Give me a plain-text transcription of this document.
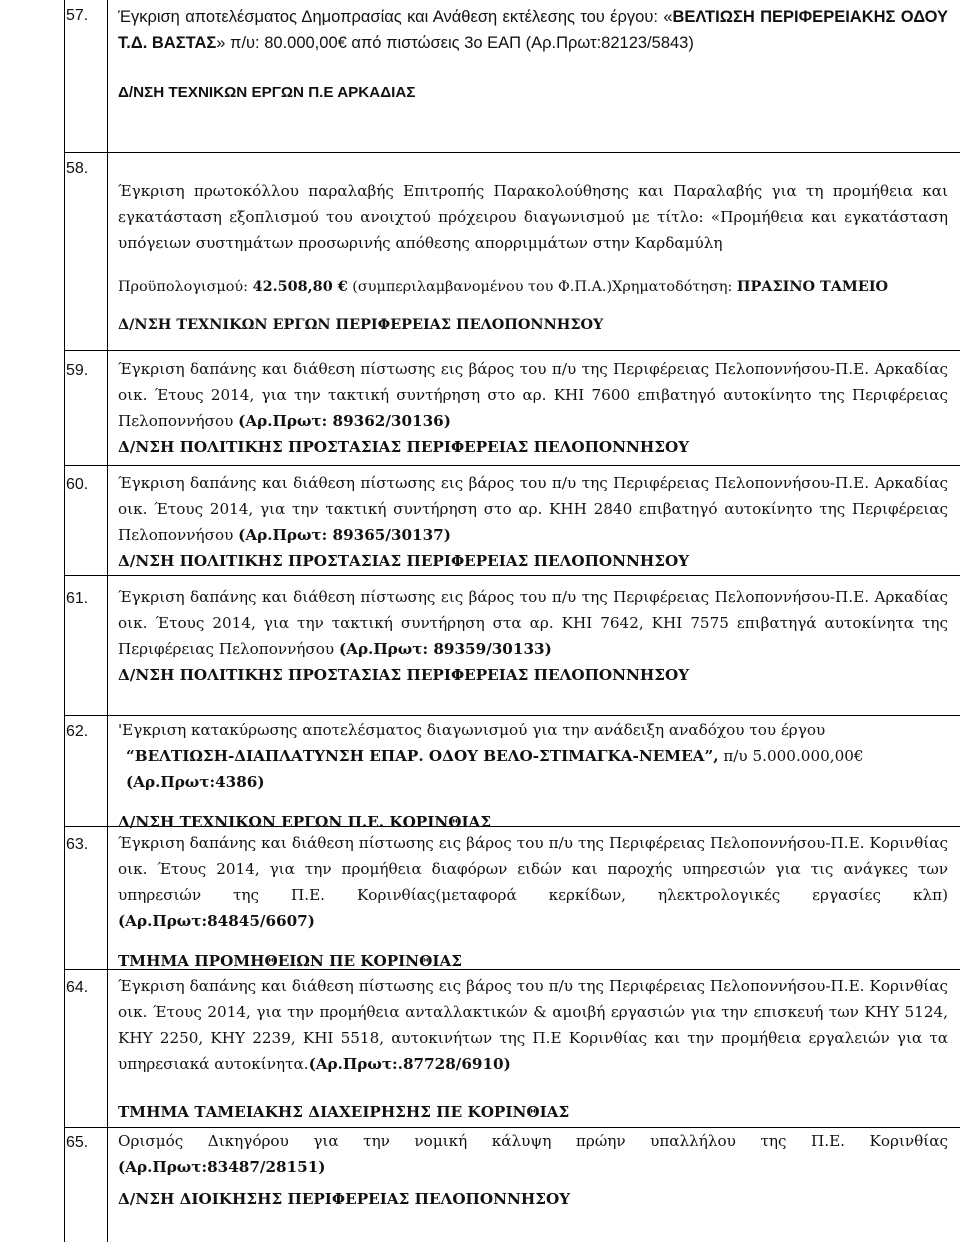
57. Έγκριση αποτελέσματος Δημοπρασίας και Ανάθεση εκτέλεσης του έργου: «ΒΕΛΤΙΩΣΗ ΠΕΡΙΦΕΡΕΙΑΚΗΣ ΟΔΟΥ Τ.Δ. ΒΑΣΤΑΣ» π/υ: 80.000,00€ από πιστώσεις 3ο ΕΑΠ (Αρ.Πρωτ:82123/5843)

Δ/ΝΣΗ ΤΕΧΝΙΚΩΝ ΕΡΓΩΝ Π.Ε ΑΡΚΑΔΙΑΣ

58.

Έγκριση πρωτοκόλλου παραλαβής Επιτροπής Παρακολούθησης και Παραλαβής για τη προμήθεια και εγκατάσταση εξοπλισμού του ανοιχτού πρόχειρου διαγωνισμού με τίτλο: «Προμήθεια και εγκατάσταση υπόγειων συστημάτων προσωρινής απόθεσης απορριμμάτων στην Καρδαμύλη

Προϋπολογισμού: 42.508,80 € (συμπεριλαμβανομένου του Φ.Π.Α.)Χρηματοδότηση: ΠΡΑΣΙΝΟ ΤΑΜΕΙΟ

Δ/ΝΣΗ ΤΕΧΝΙΚΩΝ ΕΡΓΩΝ ΠΕΡΙΦΕΡΕΙΑΣ ΠΕΛΟΠΟΝΝΗΣΟΥ

59. Έγκριση δαπάνης και διάθεση πίστωσης εις βάρος του π/υ της Περιφέρειας Πελοποννήσου-Π.Ε. Αρκαδίας οικ. Έτους 2014, για την τακτική συντήρηση στο αρ. ΚΗΙ 7600 επιβατηγό αυτοκίνητο της Περιφέρειας Πελοποννήσου (Αρ.Πρωτ: 89362/30136)

Δ/ΝΣΗ ΠΟΛΙΤΙΚΗΣ ΠΡΟΣΤΑΣΙΑΣ ΠΕΡΙΦΕΡΕΙΑΣ ΠΕΛΟΠΟΝΝΗΣΟΥ

60. Έγκριση δαπάνης και διάθεση πίστωσης εις βάρος του π/υ της Περιφέρειας Πελοποννήσου-Π.Ε. Αρκαδίας οικ. Έτους 2014, για την τακτική συντήρηση στο αρ. ΚΗΗ 2840 επιβατηγό αυτοκίνητο της Περιφέρειας Πελοποννήσου (Αρ.Πρωτ: 89365/30137)

Δ/ΝΣΗ ΠΟΛΙΤΙΚΗΣ ΠΡΟΣΤΑΣΙΑΣ ΠΕΡΙΦΕΡΕΙΑΣ ΠΕΛΟΠΟΝΝΗΣΟΥ

61. Έγκριση δαπάνης και διάθεση πίστωσης εις βάρος του π/υ της Περιφέρειας Πελοποννήσου-Π.Ε. Αρκαδίας οικ. Έτους 2014, για την τακτική συντήρηση στα αρ. ΚΗΙ 7642, ΚΗΙ 7575 επιβατηγά αυτοκίνητα της Περιφέρειας Πελοποννήσου (Αρ.Πρωτ: 89359/30133)

Δ/ΝΣΗ ΠΟΛΙΤΙΚΗΣ ΠΡΟΣΤΑΣΙΑΣ ΠΕΡΙΦΕΡΕΙΑΣ ΠΕΛΟΠΟΝΝΗΣΟΥ

62. 'Εγκριση κατακύρωσης αποτελέσματος διαγωνισμού για την ανάδειξη αναδόχου του έργου

“ΒΕΛΤΙΩΣΗ-ΔΙΑΠΛΑΤΥΝΣΗ ΕΠΑΡ. ΟΔΟΥ ΒΕΛΟ-ΣΤΙΜΑΓΚΑ-ΝΕΜΕΑ”, π/υ 5.000.000,00€

(Αρ.Πρωτ:4386)

Δ/ΝΣΗ ΤΕΧΝΙΚΩΝ ΕΡΓΩΝ Π.Ε. ΚΟΡΙΝΘΙΑΣ

63. Έγκριση δαπάνης και διάθεση πίστωσης εις βάρος του π/υ της Περιφέρειας Πελοποννήσου-Π.Ε. Κορινθίας οικ. Έτους 2014, για την προμήθεια διαφόρων ειδών και παροχής υπηρεσιών για τις ανάγκες των υπηρεσιών της Π.Ε. Κορινθίας(μεταφορά κερκίδων, ηλεκτρολογικές εργασίες κλπ) (Αρ.Πρωτ:84845/6607)

ΤΜΗΜΑ ΠΡΟΜΗΘΕΙΩΝ ΠΕ ΚΟΡΙΝΘΙΑΣ

64. Έγκριση δαπάνης και διάθεση πίστωσης εις βάρος του π/υ της Περιφέρειας Πελοποννήσου-Π.Ε. Κορινθίας οικ. Έτους 2014, για την προμήθεια ανταλλακτικών & αμοιβή εργασιών για την επισκευή των ΚΗΥ 5124, ΚΗΥ 2250, ΚΗΥ 2239, ΚΗΙ 5518, αυτοκινήτων της Π.Ε Κορινθίας και την προμήθεια εργαλειών για τα υπηρεσιακά αυτοκίνητα.(Αρ.Πρωτ:.87728/6910)

ΤΜΗΜΑ ΤΑΜΕΙΑΚΗΣ ΔΙΑΧΕΙΡΗΣΗΣ ΠΕ ΚΟΡΙΝΘΙΑΣ

65. Ορισμός Δικηγόρου για την νομική κάλυψη πρώην υπαλλήλου της Π.Ε. Κορινθίας (Αρ.Πρωτ:83487/28151)

Δ/ΝΣΗ ΔΙΟΙΚΗΣΗΣ ΠΕΡΙΦΕΡΕΙΑΣ ΠΕΛΟΠΟΝΝΗΣΟΥ
